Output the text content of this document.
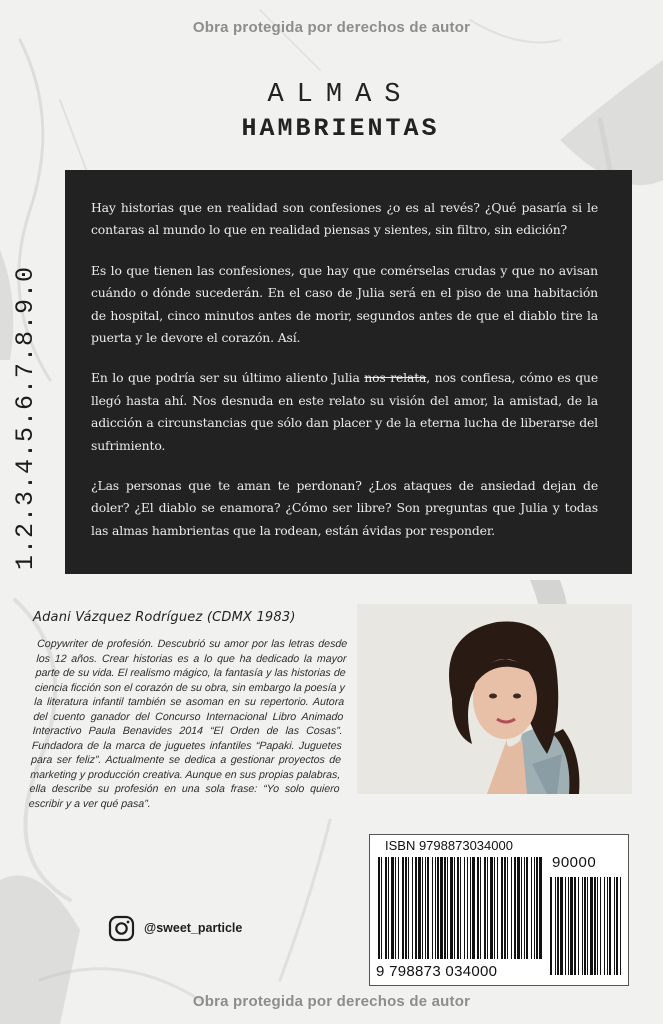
Obra protegida por derechos de autor
ALMAS
HAMBRIENTAS
1.2.3.4.5.6.7.8.9.0

Hay historias que en realidad son confesiones ¿o es al revés? ¿Qué pasaría si le contaras al mundo lo que en realidad piensas y sientes, sin filtro, sin edición?

Es lo que tienen las confesiones, que hay que comérselas crudas y que no avisan cuándo o dónde sucederán. En el caso de Julia será en el piso de una habitación de hospital, cinco minutos antes de morir, segundos antes de que el diablo tire la puerta y le devore el corazón. Así.

En lo que podría ser su último aliento Julia nos relata, nos confiesa, cómo es que llegó hasta ahí. Nos desnuda en este relato su visión del amor, la amistad, de la adicción a circunstancias que sólo dan placer y de la eterna lucha de liberarse del sufrimiento.

¿Las personas que te aman te perdonan? ¿Los ataques de ansiedad dejan de doler? ¿El diablo se enamora? ¿Cómo ser libre? Son preguntas que Julia y todas las almas hambrientas que la rodean, están ávidas por responder.

Adani Vázquez Rodríguez (CDMX 1983)
Copywriter de profesión. Descubrió su amor por las letras desde los 12 años. Crear historias es a lo que ha dedicado la mayor parte de su vida. El realismo mágico, la fantasía y las historias de ciencia ficción son el corazón de su obra, sin embargo la poesía y la literatura infantil también se asoman en su repertorio. Autora del cuento ganador del Concurso Internacional Libro Animado Interactivo Paula Benavides 2014 “El Orden de las Cosas”. Fundadora de la marca de juguetes infantiles “Papaki. Juguetes para ser feliz”. Actualmente se dedica a gestionar proyectos de marketing y producción creativa. Aunque en sus propias palabras, ella describe su profesión en una sola frase: “Yo solo quiero escribir y a ver qué pasa”.
@sweet_particle
ISBN 9798873034000
90000
9 798873 034000
Obra protegida por derechos de autor
